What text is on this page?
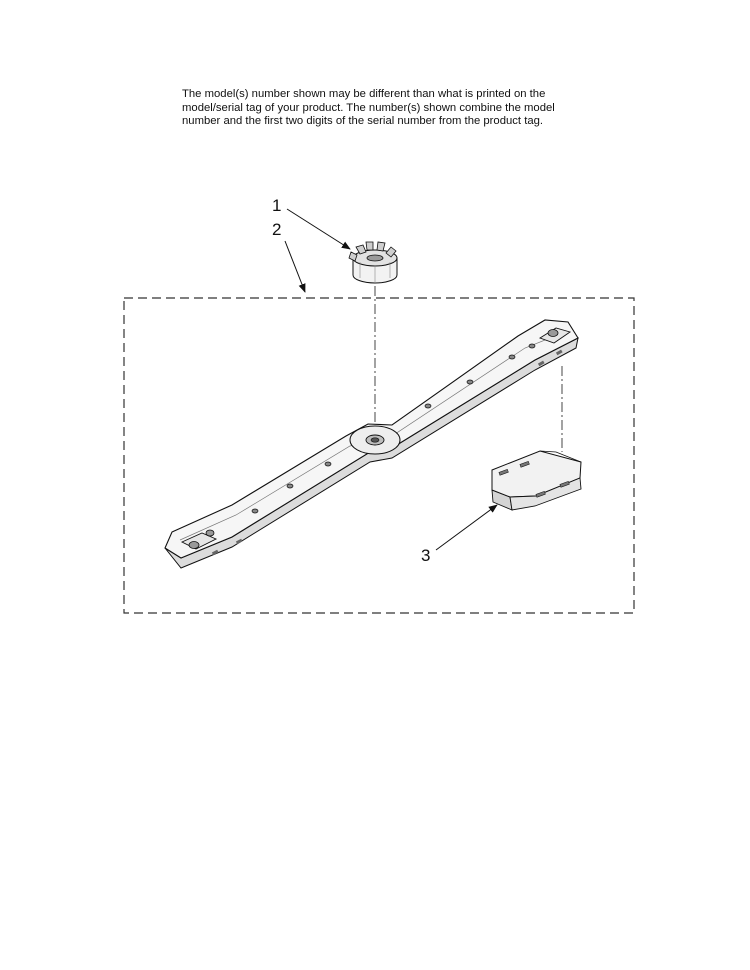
The model(s) number shown may be different than what is printed on the
model/serial tag of your product. The number(s) shown combine the model
number and the first two digits of the serial number from the product tag.

1
2
3
